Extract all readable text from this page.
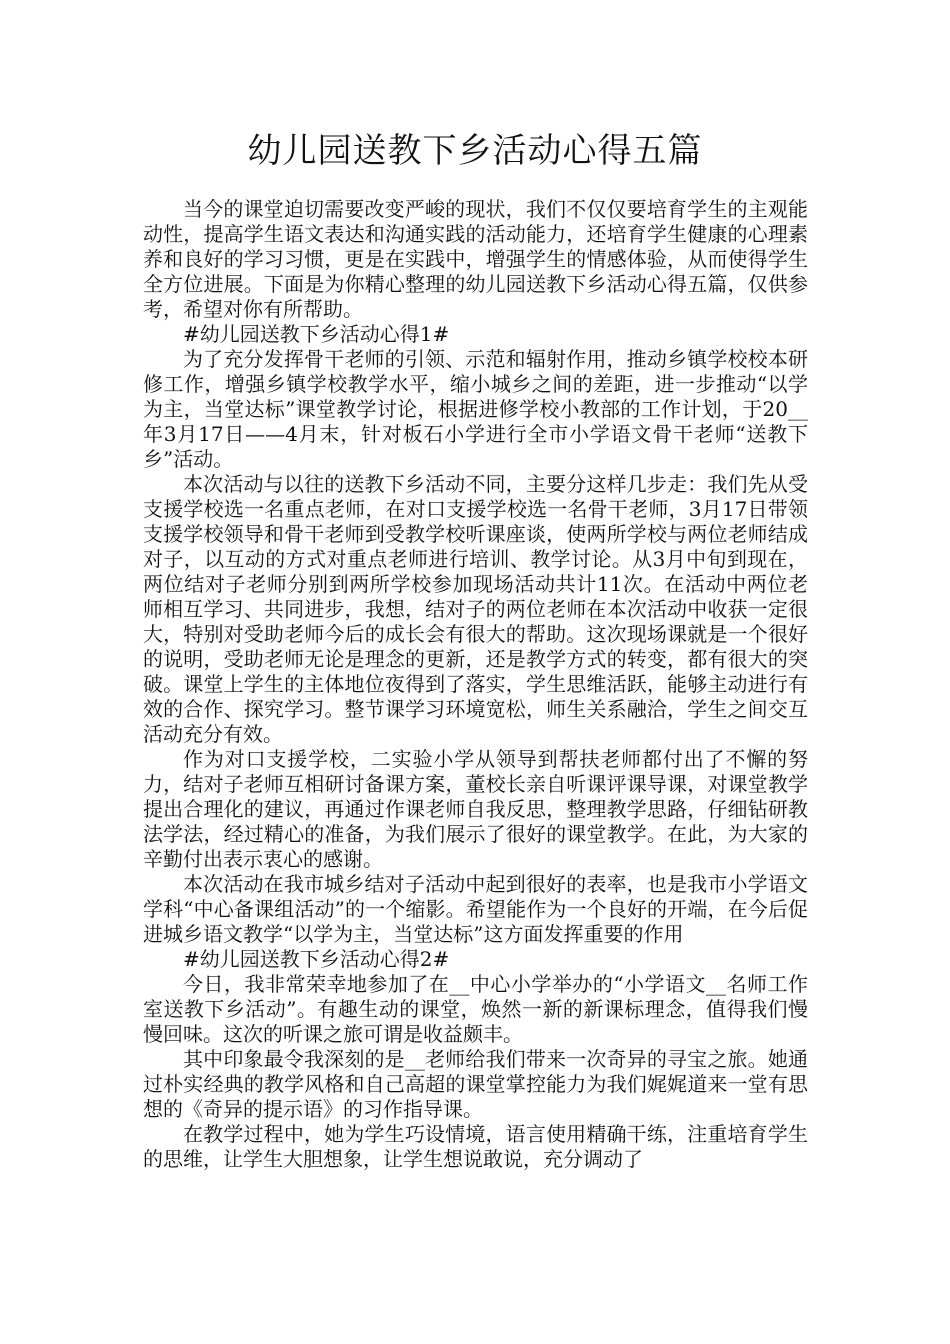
幼儿园送教下乡活动心得五篇

当今的课堂迫切需要改变严峻的现状，我们不仅仅要培育学生的主观能动性，提高学生语文表达和沟通实践的活动能力，还培育学生健康的心理素养和良好的学习习惯，更是在实践中，增强学生的情感体验，从而使得学生全方位进展。下面是为你精心整理的幼儿园送教下乡活动心得五篇，仅供参考，希望对你有所帮助。

#幼儿园送教下乡活动心得1#

为了充分发挥骨干老师的引领、示范和辐射作用，推动乡镇学校校本研修工作，增强乡镇学校教学水平，缩小城乡之间的差距，进一步推动“以学为主，当堂达标”课堂教学讨论，根据进修学校小教部的工作计划，于20__年3月17日——4月末，针对板石小学进行全市小学语文骨干老师“送教下乡”活动。

本次活动与以往的送教下乡活动不同，主要分这样几步走：我们先从受支援学校选一名重点老师，在对口支援学校选一名骨干老师，3月17日带领支援学校领导和骨干老师到受教学校听课座谈，使两所学校与两位老师结成对子，以互动的方式对重点老师进行培训、教学讨论。从3月中旬到现在，两位结对子老师分别到两所学校参加现场活动共计11次。在活动中两位老师相互学习、共同进步，我想，结对子的两位老师在本次活动中收获一定很大，特别对受助老师今后的成长会有很大的帮助。这次现场课就是一个很好的说明，受助老师无论是理念的更新，还是教学方式的转变，都有很大的突破。课堂上学生的主体地位夜得到了落实，学生思维活跃，能够主动进行有效的合作、探究学习。整节课学习环境宽松，师生关系融洽，学生之间交互活动充分有效。

作为对口支援学校，二实验小学从领导到帮扶老师都付出了不懈的努力，结对子老师互相研讨备课方案，董校长亲自听课评课导课，对课堂教学提出合理化的建议，再通过作课老师自我反思，整理教学思路，仔细钻研教法学法，经过精心的准备，为我们展示了很好的课堂教学。在此，为大家的辛勤付出表示衷心的感谢。

本次活动在我市城乡结对子活动中起到很好的表率，也是我市小学语文学科“中心备课组活动”的一个缩影。希望能作为一个良好的开端，在今后促进城乡语文教学“以学为主，当堂达标”这方面发挥重要的作用

#幼儿园送教下乡活动心得2#

今日，我非常荣幸地参加了在__中心小学举办的“小学语文__名师工作室送教下乡活动”。有趣生动的课堂，焕然一新的新课标理念，值得我们慢慢回味。这次的听课之旅可谓是收益颇丰。

其中印象最令我深刻的是__老师给我们带来一次奇异的寻宝之旅。她通过朴实经典的教学风格和自己高超的课堂掌控能力为我们娓娓道来一堂有思想的《奇异的提示语》的习作指导课。

在教学过程中，她为学生巧设情境，语言使用精确干练，注重培育学生的思维，让学生大胆想象，让学生想说敢说，充分调动了
